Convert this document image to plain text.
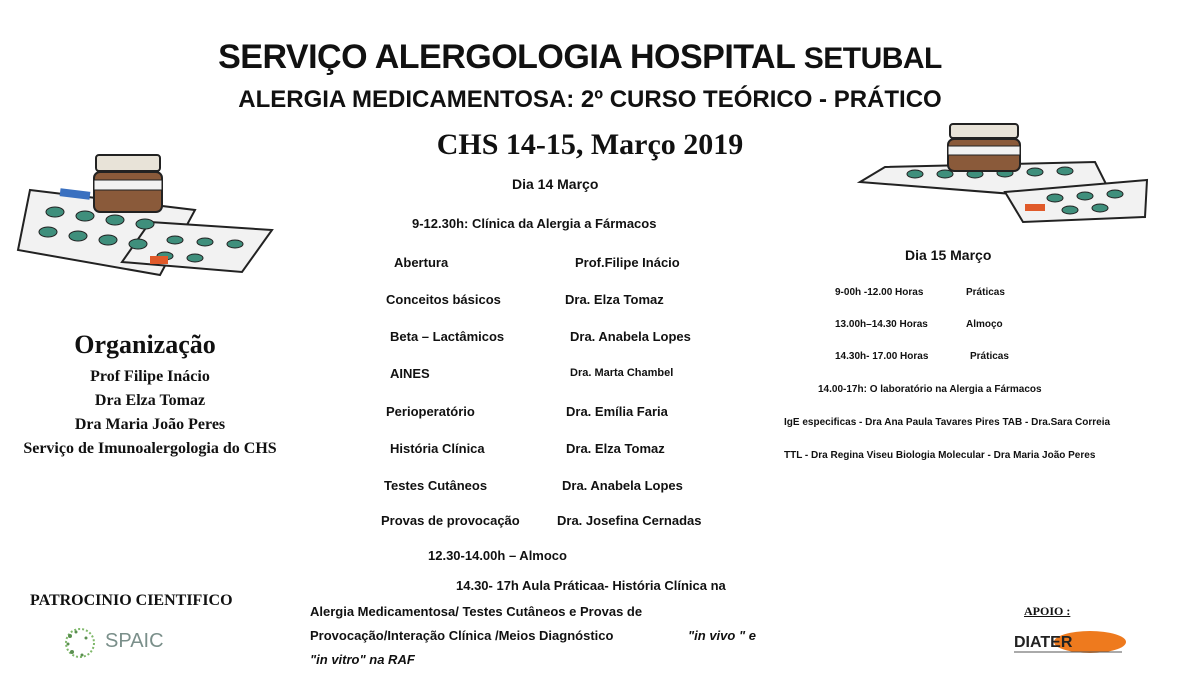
SERVIÇO ALERGOLOGIA HOSPITAL SETUBAL
ALERGIA MEDICAMENTOSA: 2º CURSO TEÓRICO - PRÁTICO
CHS 14-15, Março 2019
Dia 14 Março
9-12.30h: Clínica da Alergia a Fármacos
Abertura	Prof.Filipe Inácio
Conceitos básicos	Dra. Elza Tomaz
Beta – Lactâmicos	Dra. Anabela Lopes
AINES	Dra. Marta Chambel
Perioperatório	Dra. Emília Faria
História Clínica	Dra. Elza Tomaz
Testes Cutâneos	Dra. Anabela Lopes
Provas de provocação	Dra. Josefina Cernadas
12.30-14.00h – Almoco
14.30- 17h Aula Práticaa- História Clínica na
Alergia Medicamentosa/ Testes Cutâneos e Provas de
Provocação/Interação Clínica /Meios Diagnóstico	"in vivo " e
"in vitro" na RAF
Dia 15 Março
9-00h -12.00 Horas	Práticas
13.00h–14.30 Horas	Almoço
14.30h- 17.00 Horas	Práticas
14.00-17h: O laboratório na Alergia a Fármacos
IgE especificas - Dra Ana Paula Tavares Pires TAB - Dra.Sara Correia
TTL - Dra Regina Viseu Biologia Molecular - Dra Maria João Peres
Organização
Prof Filipe Inácio
Dra Elza Tomaz
Dra Maria João Peres
Serviço de Imunoalergologia do CHS
PATROCINIO CIENTIFICO
SPAIC
APOIO :
DIATER
